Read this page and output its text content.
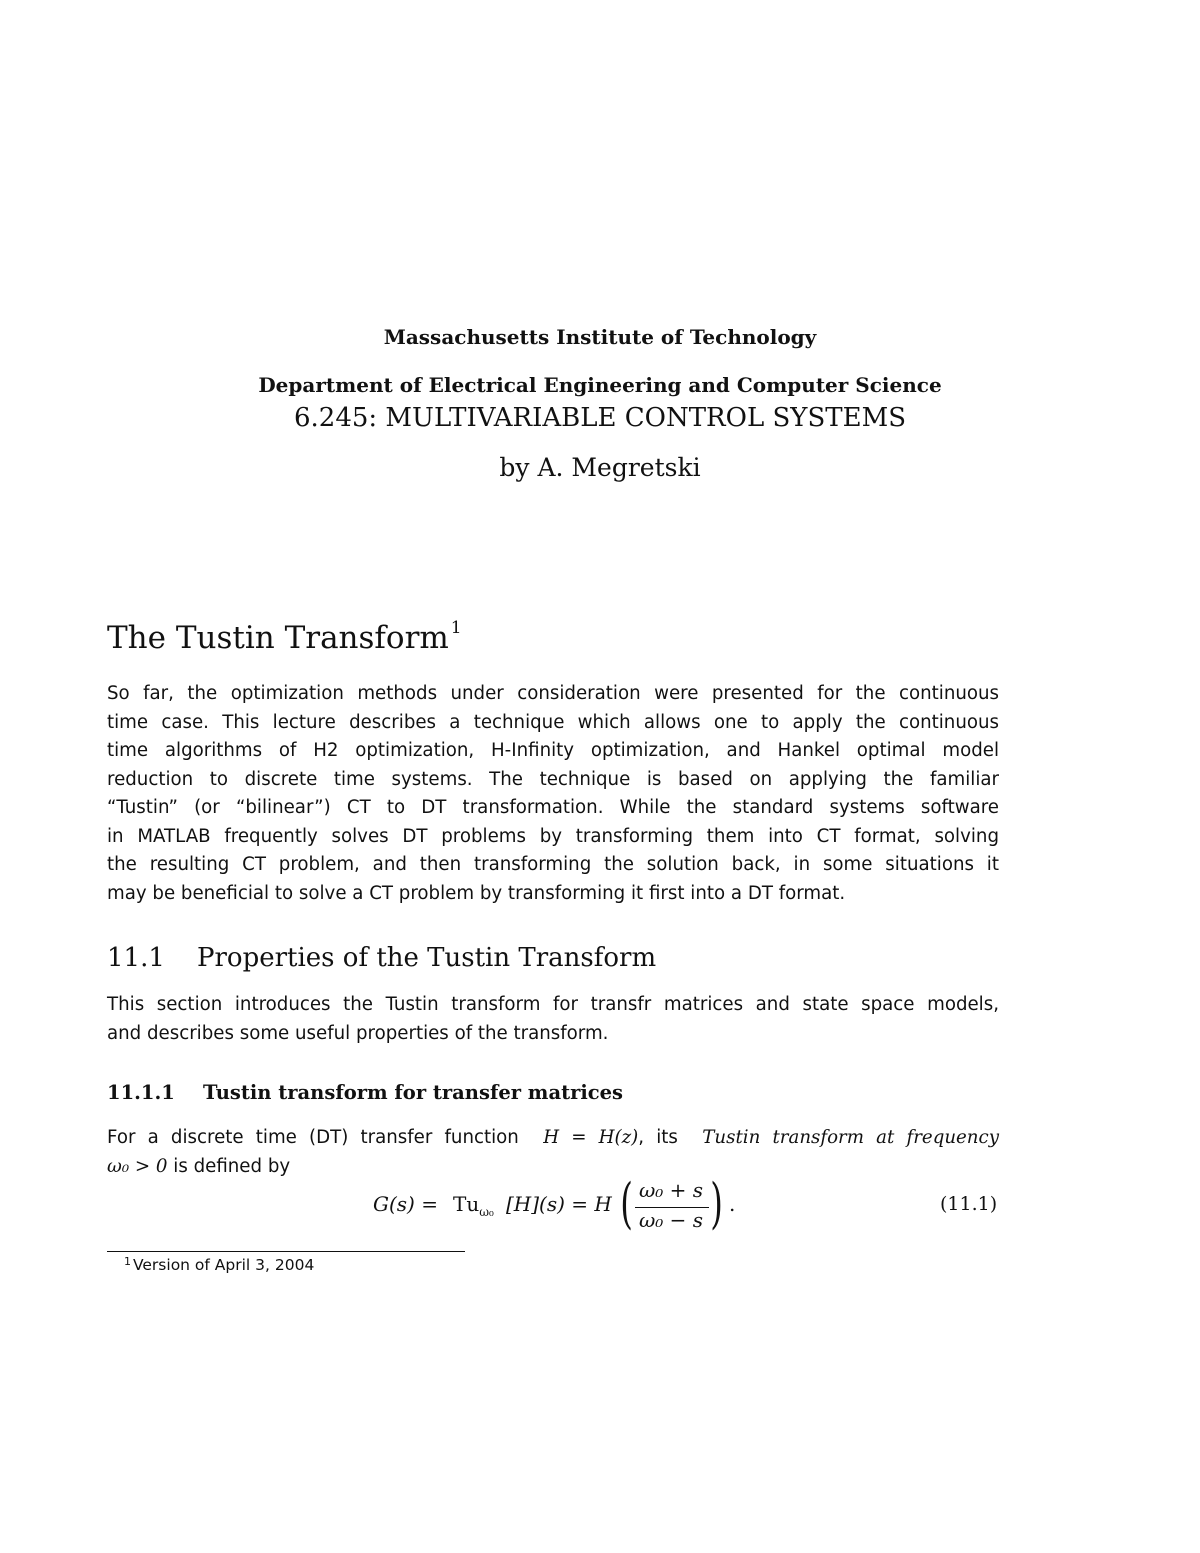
Massachusetts Institute of Technology
Department of Electrical Engineering and Computer Science
6.245: MULTIVARIABLE CONTROL SYSTEMS
by A. Megretski
The Tustin Transform $^1$
So far, the optimization methods under consideration were presented for the continuous
time case. This lecture describes a technique which allows one to apply the continuous
time algorithms of H2 optimization, H-Infinity optimization, and Hankel optimal model
reduction to discrete time systems. The technique is based on applying the familiar
“Tustin” (or “bilinear”) CT to DT transformation. While the standard systems software
in MATLAB frequently solves DT problems by transforming them into CT format, solving
the resulting CT problem, and then transforming the solution back, in some situations it
may be beneficial to solve a CT problem by transforming it first into a DT format.
11.1 Properties of the Tustin Transform
This section introduces the Tustin transform for transfr matrices and state space models,
and describes some useful properties of the transform.
11.1.1 Tustin transform for transfer matrices
For a discrete time (DT) transfer function  H = H(z), its  Tustin transform at frequency
ω₀ > 0 is defined by
$G(s) = Tu_{\omega_0}$ [H](s) = H ( ω₀ + s
ω₀ − s ) .	(11.1)
1 Version of April 3, 2004
